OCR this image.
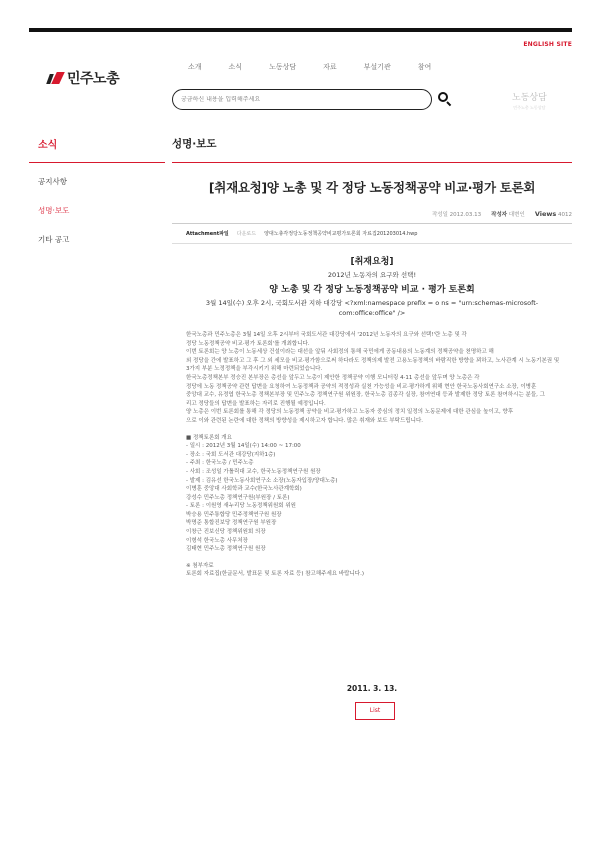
ENGLISH SITE
민주노총
소개	소식	노동상담	자료	부설기관	참여
궁금하신 내용을 입력해주세요
노동상담
민주노총 노동상담
소식
공지사항
성명·보도
기타 공고
성명·보도
[취재요청]양 노총 및 각 정당 노동정책공약 비교·평가 토론회
작성일 2012.03.13 작성자 대변인 Views 4012
Attachment파일 다운로드 양대노총각정당노동정책공약비교평가토론회 자료집201203014.hwp
[취재요청]
2012년 노동자의 요구와 선택!
양 노총 및 각 정당 노동정책공약 비교 · 평가 토론회
3월 14일(수) 오후 2시, 국회도서관 지하 대강당 <?xml:namespace prefix = o ns = "urn:schemas-microsoft-com:office:office" />

한국노총과 민주노총은 3월 14일 오후 2시부터 국회도서관 대강당에서 '2012년 노동자의 요구와 선택!'란 노총 및 각

정당 노동정책공약 비교·평가 토론회'를 개최합니다.

이번 토론회는 양 노총이 노동세상 건설이라는 대선을 앞둬 사회정의 통해 국민에게 공동내용의 노동계의 정책공약을 천명하고 해

외 정당을 간에 발표하고 그 후 그 외 세모을 비교·평가함으로써 하다라도 정책의제 발전 고용노동정책의 바람직한 방향을 꾀하고, 노사관계 시 노동기본권 및

3가지 부분 노정정책을 부각시키기 위해 마련되었습니다.

한국노총정책본부 정승진 본부장은 총선을 앞두고 노총이 제안한 정책공약 이행 모니터링 4·11 총선을 앞두며 양 노총은 각

정당에 노동 정책공약 관련 답변을 요청하여 노동정책과 공약의 적정성과 실천 가능성을 비교·평가하게 위해 현안 한국노동사회연구소 소장, 이병훈

중앙대 교수, 유정엽 한국노총 정책본부장 및 민주노총 정책연구원 위원장, 한국노총 김종각 실장, 참여연대 등과 발제한 정당 토론 참여하시는 분들, 그

리고 정당들의 답변을 발표하는 자리로 진행될 예정입니다.

양 노총은 이번 토론회를 통해 각 정당의 노동정책 공약을 비교·평가하고 노동자 중심의 정치 일정의 노동문제에 대한 관심을 높이고, 향후

으로 이와 관련된 논란에 대한 정책의 방향성을 제시하고자 합니다. 많은 취재와 보도 부탁드립니다.

■ 정책토론회 개요

- 일시 : 2012년 3월 14일(수) 14:00 ~ 17:00

- 장소 : 국회 도서관 대강당(지하1층)

- 주최 : 한국노총 / 민주노총

- 사회 : 조성일 가톨릭대 교수, 한국노동정책연구원 원장

- 발제 : 김유선 한국노동사회연구소 소장(노동자입장/양대노총)

이병훈 중앙대 사회학과 교수(한국노사관계학회)

강성수 민주노총 정책연구원(부원장 / 토론)

- 토론 : 이원영 새누리당 노동정책위원회 위원

박승용 민주통합당 민주정책연구원 원장

박명준 통합진보당 정책연구원 부원장

이창근 진보신당 정책위원회 의장

이형석 한국노총 사무처장

김태현 민주노총 정책연구원 원장

※ 첨부자료

토론회 자료집(한글문서, 발표문 및 토론 자료 등) 참고해주세요 바랍니다.)

2011. 3. 13.
List
